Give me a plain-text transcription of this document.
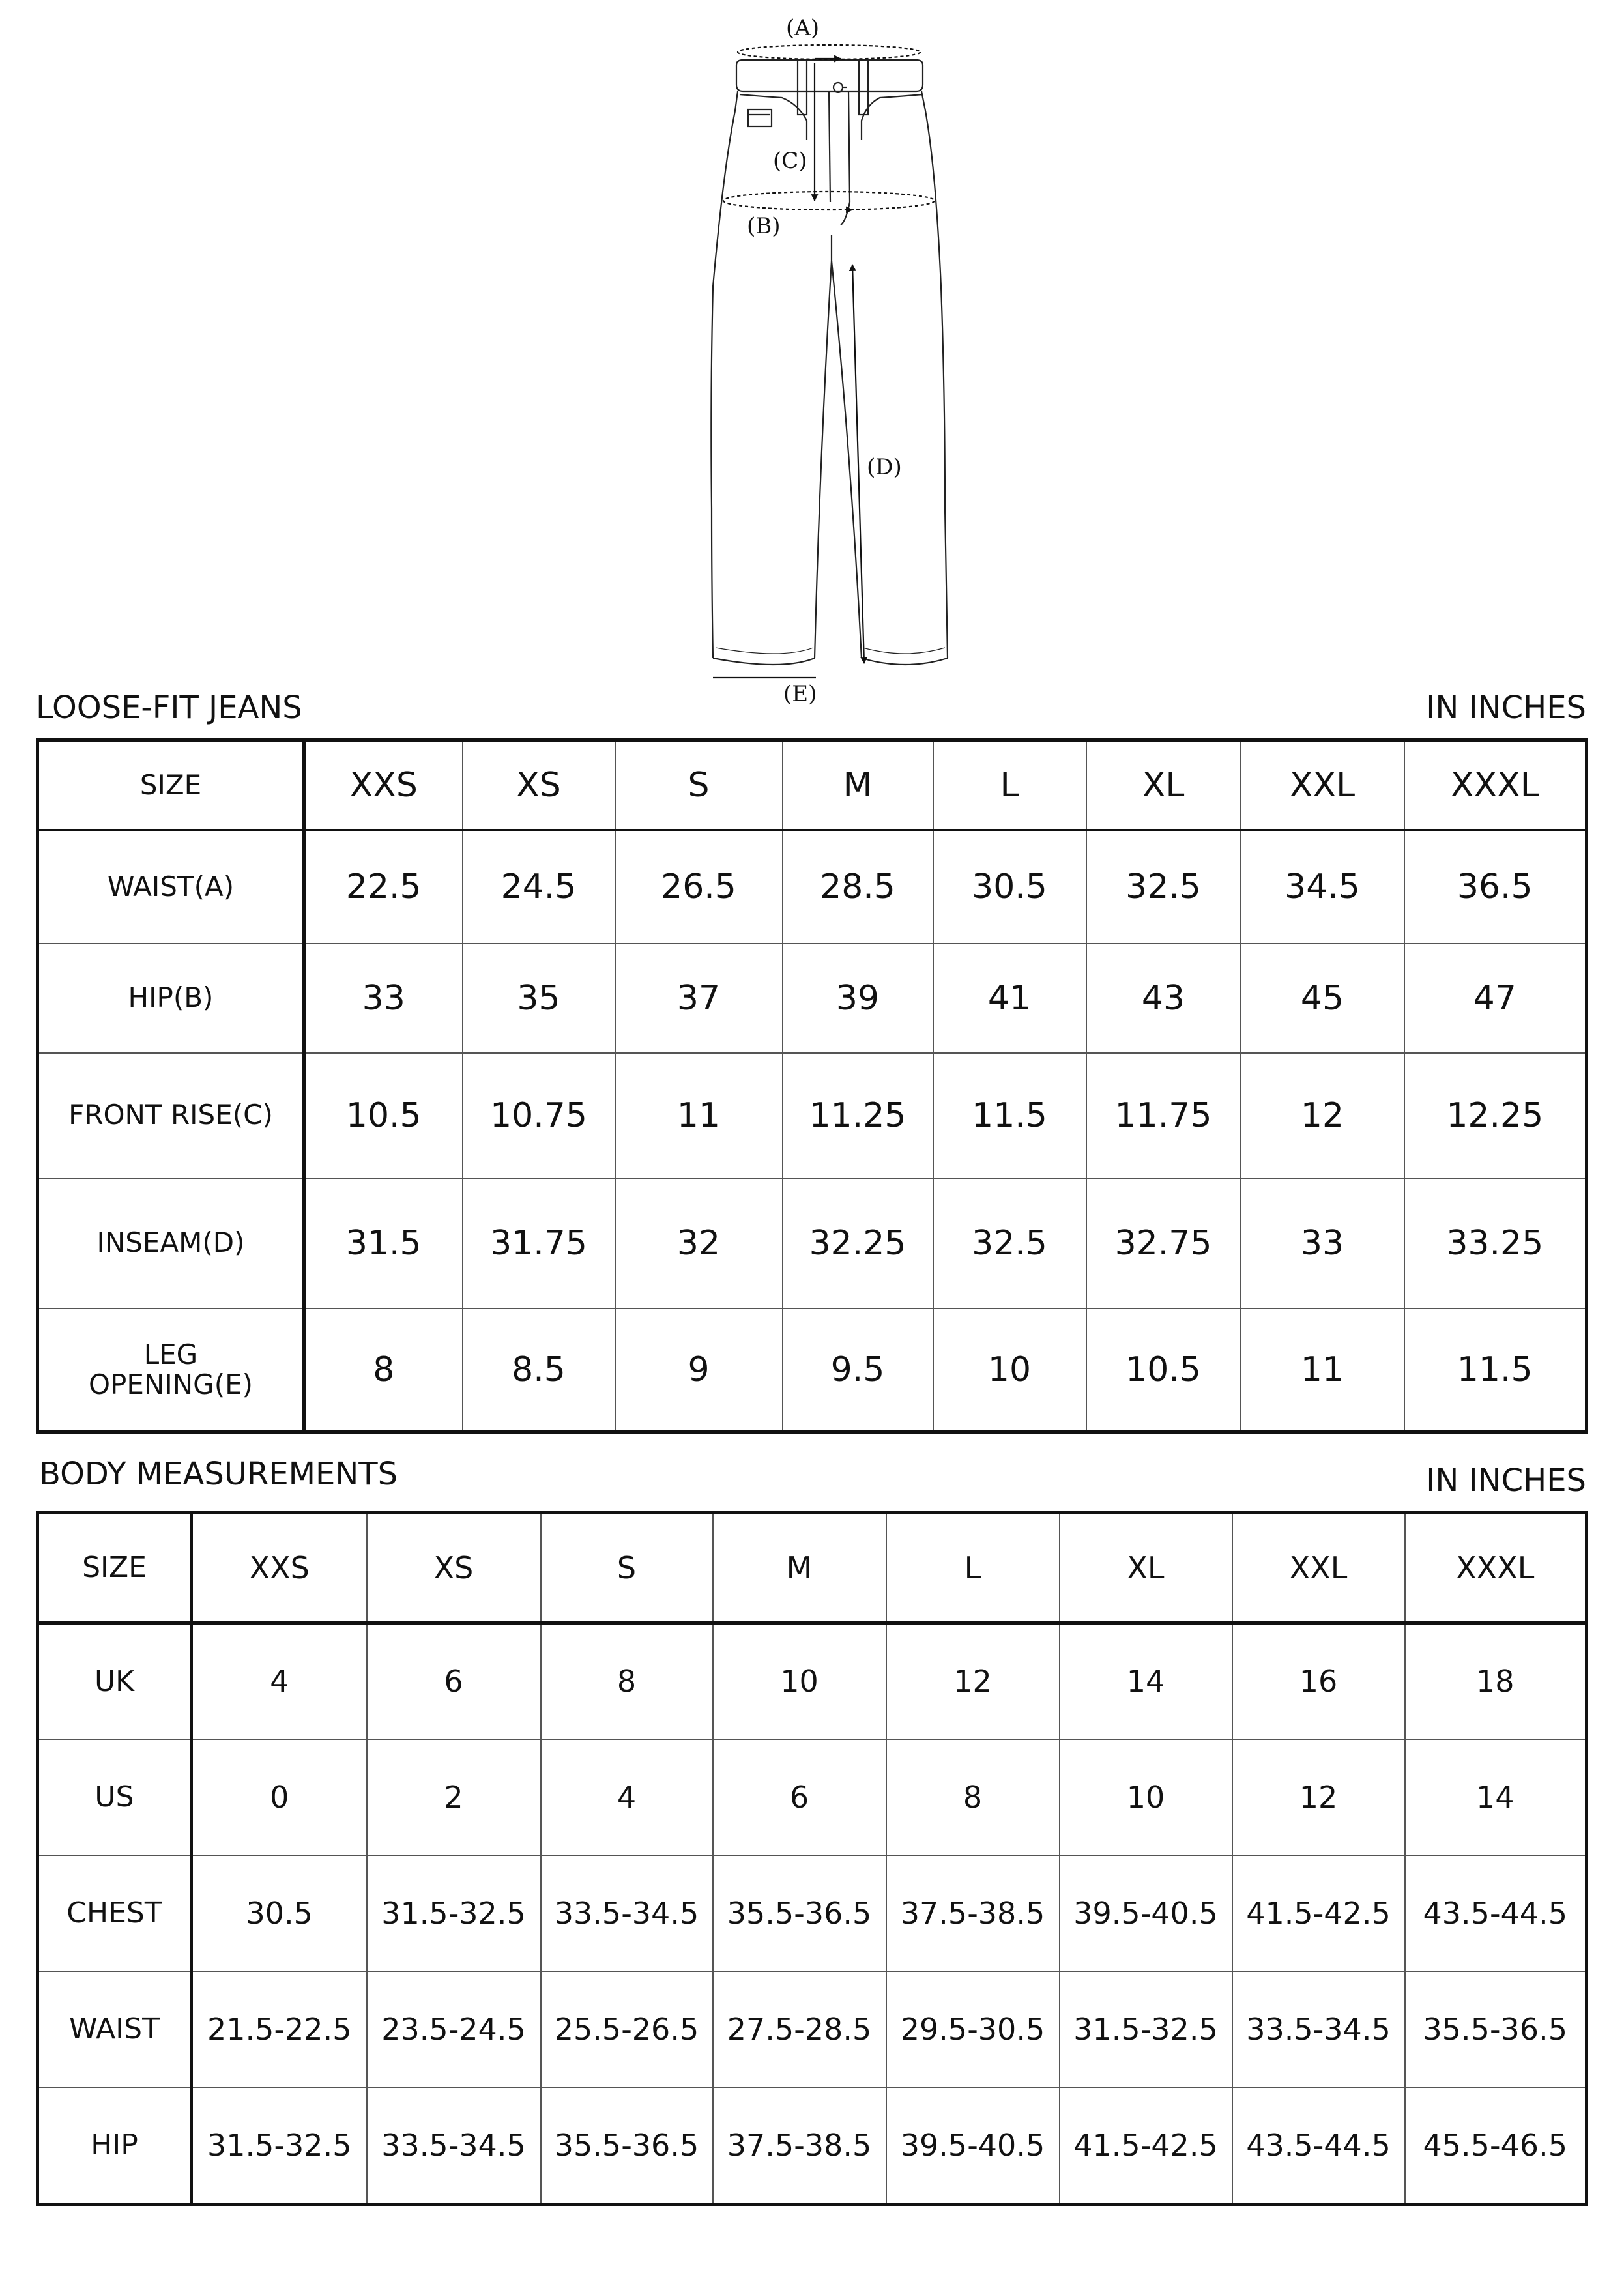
(A)
(C)
(B)
(D)
(E)
LOOSE-FIT JEANS	IN INCHES
SIZE	XXS	XS	S	M	L	XL	XXL	XXXL
WAIST(A)	22.5	24.5	26.5	28.5	30.5	32.5	34.5	36.5
HIP(B)	33	35	37	39	41	43	45	47
FRONT RISE(C)	10.5	10.75	11	11.25	11.5	11.75	12	12.25
INSEAM(D)	31.5	31.75	32	32.25	32.5	32.75	33	33.25
LEG
OPENING(E)	8	8.5	9	9.5	10	10.5	11	11.5
BODY MEASUREMENTS	IN INCHES
SIZE	XXS	XS	S	M	L	XL	XXL	XXXL
UK	4	6	8	10	12	14	16	18
US	0	2	4	6	8	10	12	14
CHEST	30.5	31.5-32.5	33.5-34.5	35.5-36.5	37.5-38.5	39.5-40.5	41.5-42.5	43.5-44.5
WAIST	21.5-22.5	23.5-24.5	25.5-26.5	27.5-28.5	29.5-30.5	31.5-32.5	33.5-34.5	35.5-36.5
HIP	31.5-32.5	33.5-34.5	35.5-36.5	37.5-38.5	39.5-40.5	41.5-42.5	43.5-44.5	45.5-46.5
